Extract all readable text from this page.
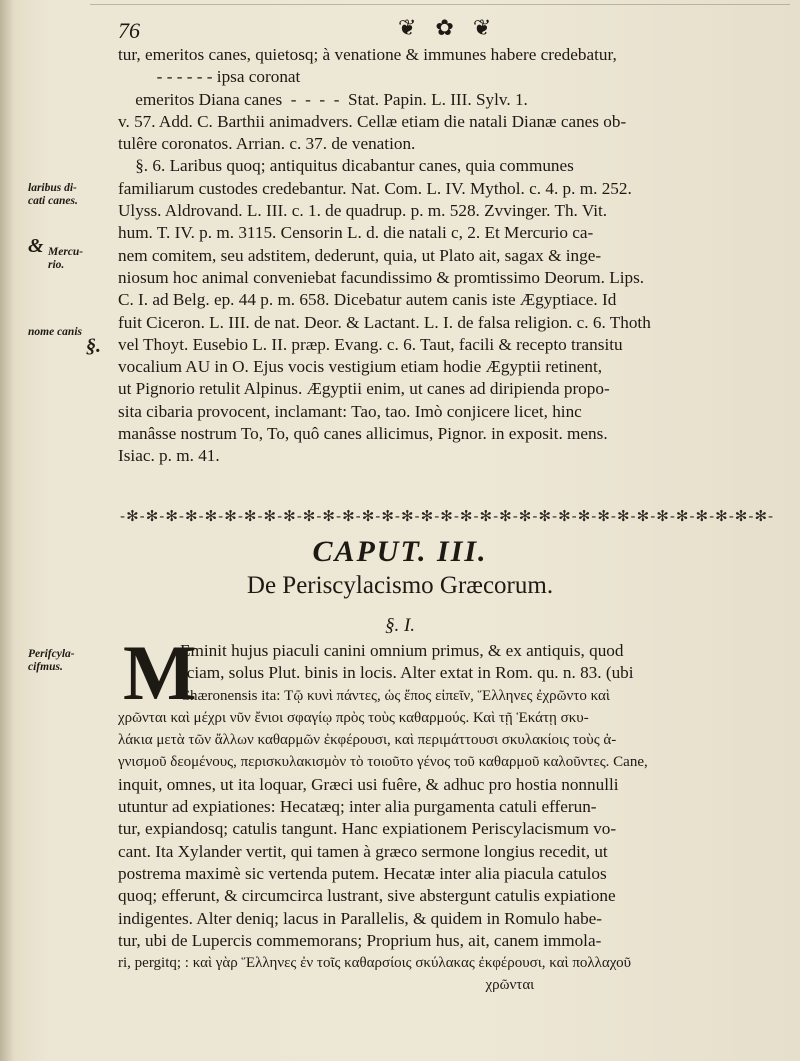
76	❦ ✿ ❦
tur, emeritos canes, quietosq; à venatione & immunes habere credebatur,
- - - - - - ipsa coronat
emeritos Diana canes  -  -  -  -  Stat. Papin. L. III. Sylv. 1.
v. 57. Add. C. Barthii animadvers. Cellæ etiam die natali Dianæ canes ob-
tulêre coronatos. Arrian. c. 37. de venation.
§. 6. Laribus quoq; antiquitus dicabantur canes, quia communes
familiarum custodes credebantur. Nat. Com. L. IV. Mythol. c. 4. p. m. 252.
Ulyss. Aldrovand. L. III. c. 1. de quadrup. p. m. 528. Zvvinger. Th. Vit.
hum. T. IV. p. m. 3115. Censorin L. d. die natali c, 2. Et Mercurio ca-
nem comitem, seu adstitem, dederunt, quia, ut Plato ait, sagax & inge-
niosum hoc animal conveniebat facundissimo & promtissimo Deorum. Lips.
C. I. ad Belg. ep. 44 p. m. 658. Dicebatur autem canis iste Ægyptiace. Id
fuit Ciceron. L. III. de nat. Deor. & Lactant. L. I. de falsa religion. c. 6. Thoth
vel Thoyt. Eusebio L. II. præp. Evang. c. 6. Taut, facili & recepto transitu
vocalium AU in O. Ejus vocis vestigium etiam hodie Ægyptii retinent,
ut Pignorio retulit Alpinus. Ægyptii enim, ut canes ad diripienda propo-
sita cibaria provocent, inclamant: Tao, tao. Imò conjicere licet, hinc
manâsse nostrum To, To, quô canes allicimus, Pignor. in exposit. mens.
Isiac. p. m. 41.
laribus di-
cati canes.
& Mercu-
rio.
nome canis
§.
Perifcyla-
cifmus.
-✻-✻-✻-✻-✻-✻-✻-✻-✻-✻-✻-✻-✻-✻-✻-✻-✻-✻-✻-✻-✻-✻-✻-✻-✻-✻-✻-✻-✻-✻-✻-✻-✻-
CAPUT. III.
De Periscylacismo Græcorum.
§. I.
M
Eminit hujus piaculi canini omnium primus, & ex antiquis, quod
sciam, solus Plut. binis in locis. Alter extat in Rom. qu. n. 83. (ubi
Chæronensis ita: Τῷ κυνὶ πάντες, ὡς ἔπος εἰπεῖν, Ἕλληνες ἐχρῶντο καὶ
χρῶνται καὶ μέχρι νῦν ἔνιοι σφαγίῳ πρὸς τοὺς καθαρμούς. Καὶ τῇ Ἑκάτῃ σκυ-
λάκια μετὰ τῶν ἄλλων καθαρμῶν ἐκφέρουσι, καὶ περιμάττουσι σκυλακίοις τοὺς ἀ-
γνισμοῦ δεομένους, περισκυλακισμὸν τὸ τοιοῦτο γένος τοῦ καθαρμοῦ καλοῦντες. Cane,
inquit, omnes, ut ita loquar, Græci usi fuêre, & adhuc pro hostia nonnulli
utuntur ad expiationes: Hecatæq; inter alia purgamenta catuli efferun-
tur, expiandosq; catulis tangunt. Hanc expiationem Periscylacismum vo-
cant. Ita Xylander vertit, qui tamen à græco sermone longius recedit, ut
postrema maximè sic vertenda putem. Hecatæ inter alia piacula catulos
quoq; efferunt, & circumcirca lustrant, sive abstergunt catulis expiatione
indigentes. Alter deniq; lacus in Parallelis, & quidem in Romulo habe-
tur, ubi de Lupercis commemorans; Proprium hus, ait, canem immola-
ri, pergitq; : καὶ γὰρ Ἕλληνες ἐν τοῖς καθαρσίοις σκύλακας ἐκφέρουσι, καὶ πολλαχοῦ
χρῶνται
